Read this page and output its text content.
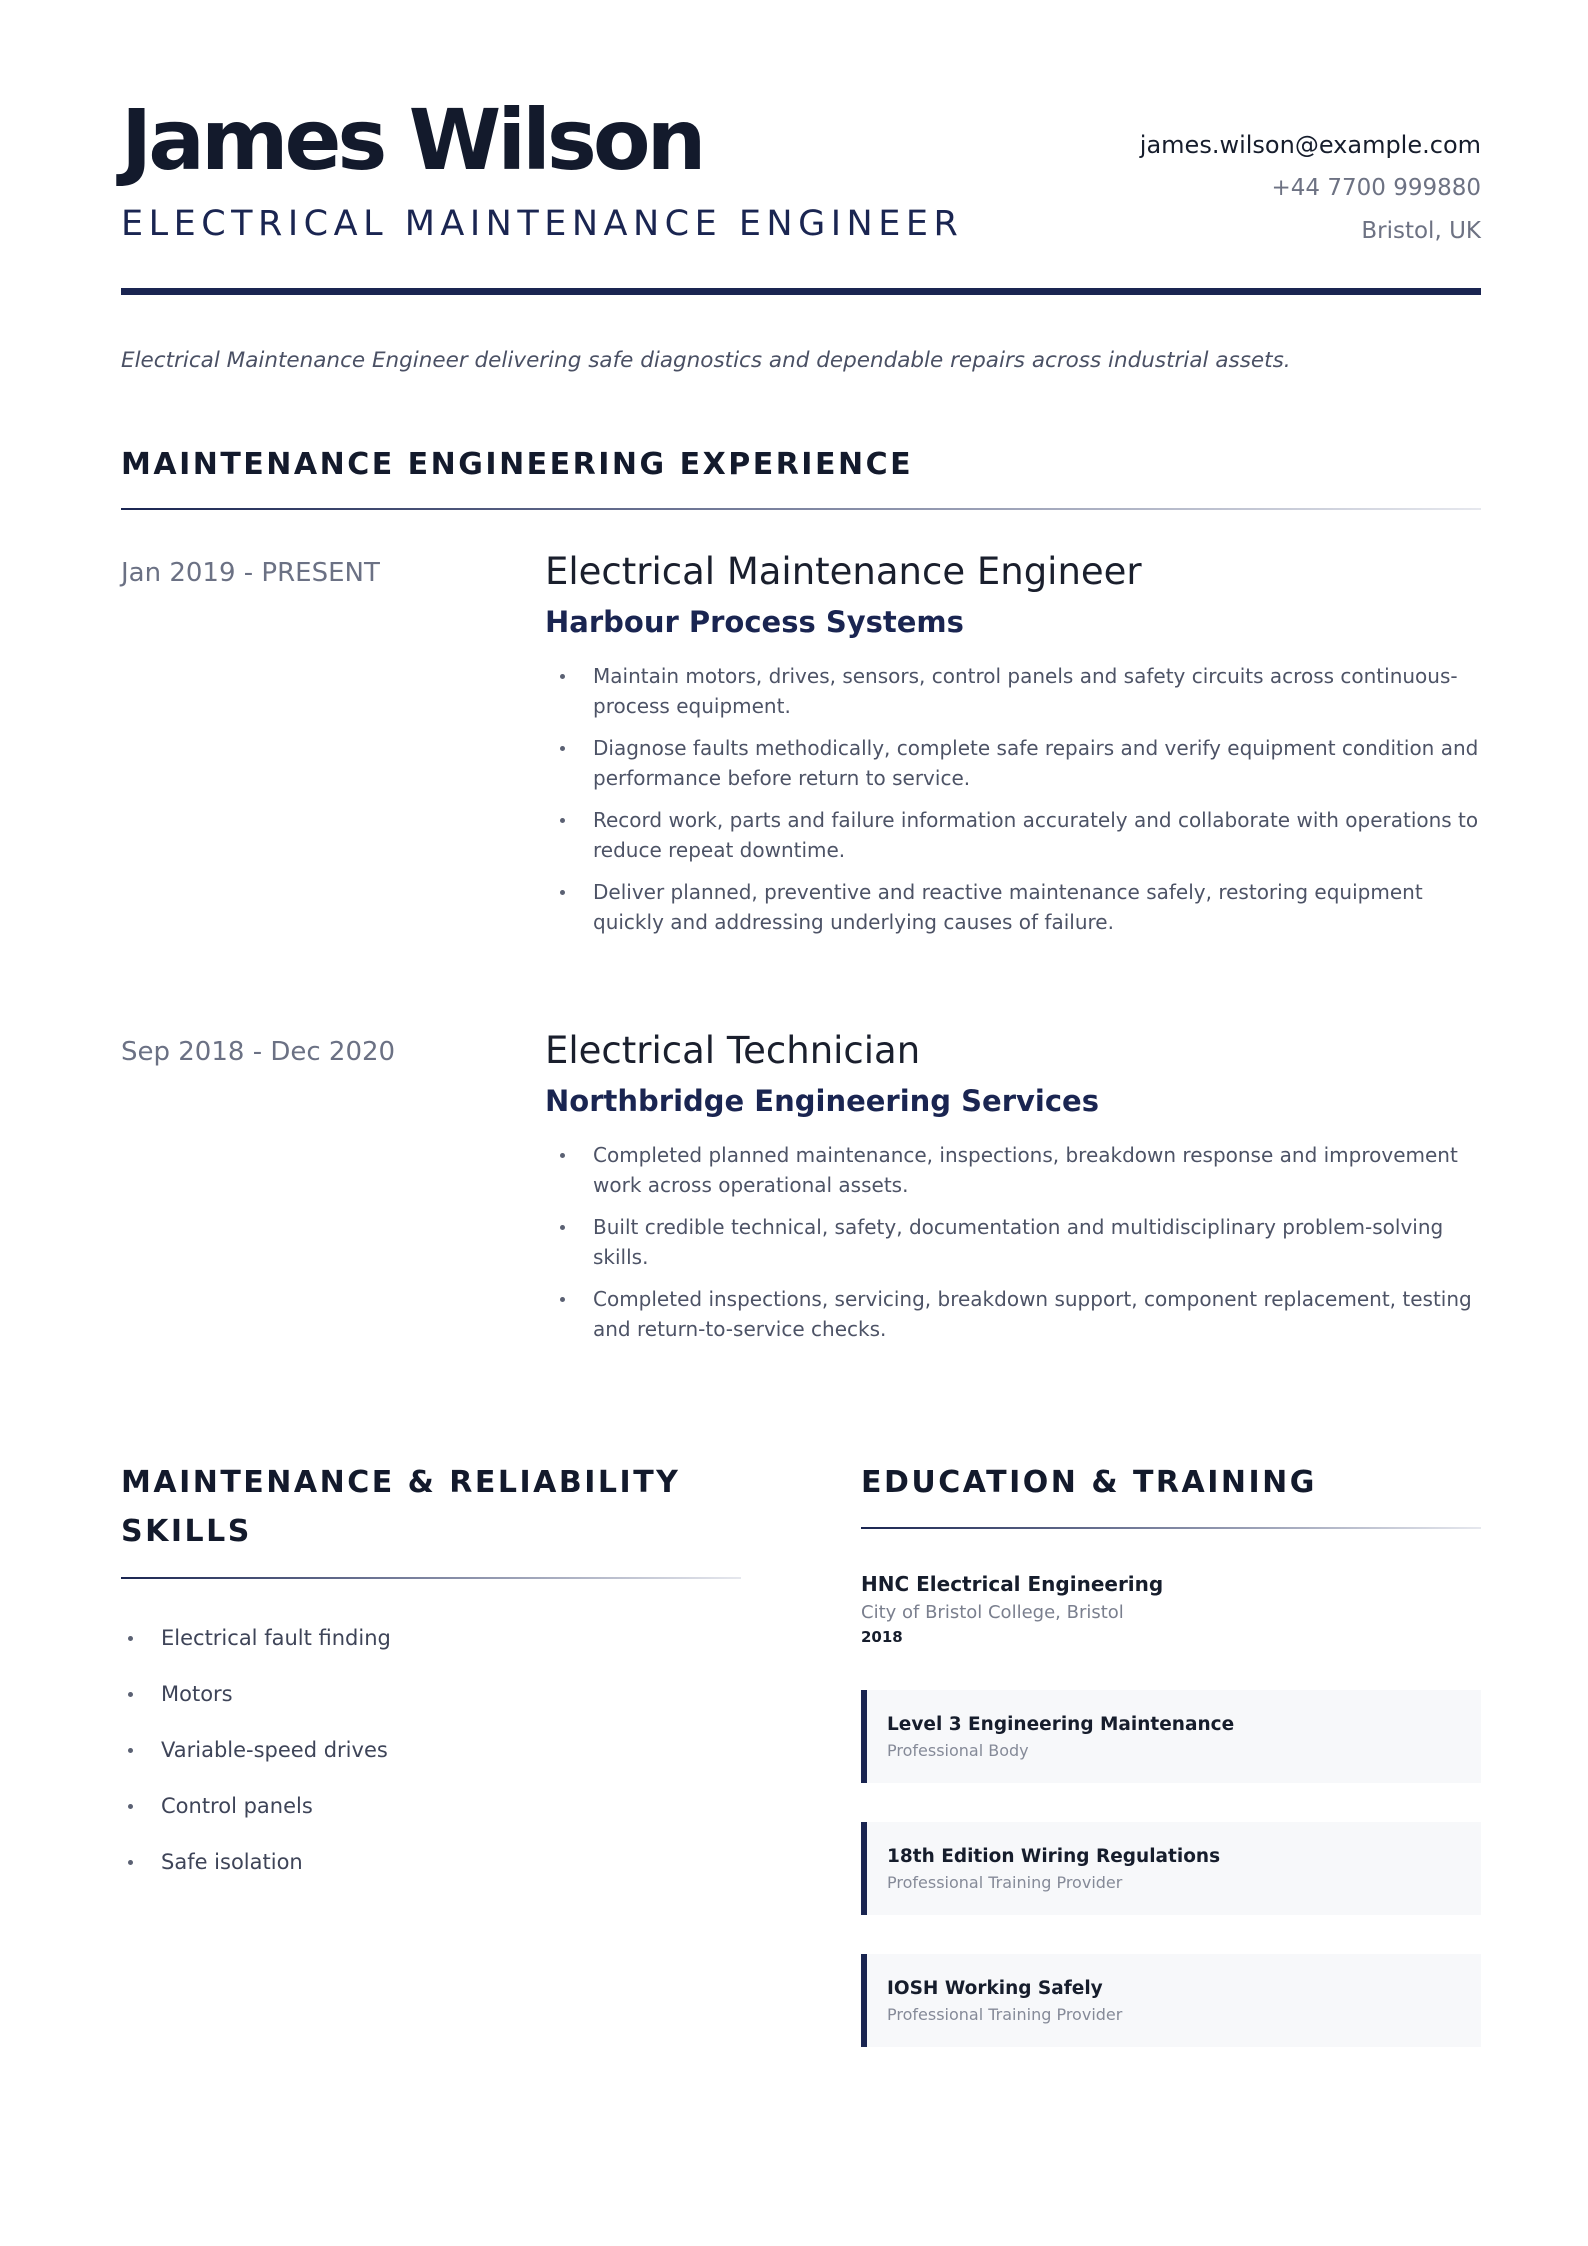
James Wilson
ELECTRICAL MAINTENANCE ENGINEER
james.wilson@example.com
+44 7700 999880
Bristol, UK
Electrical Maintenance Engineer delivering safe diagnostics and dependable repairs across industrial assets.
MAINTENANCE ENGINEERING EXPERIENCE
Jan 2019 - PRESENT	Electrical Maintenance Engineer
Harbour Process Systems
Maintain motors, drives, sensors, control panels and safety circuits across continuous-process equipment.
Diagnose faults methodically, complete safe repairs and verify equipment condition and performance before return to service.
Record work, parts and failure information accurately and collaborate with operations to reduce repeat downtime.
Deliver planned, preventive and reactive maintenance safely, restoring equipment quickly and addressing underlying causes of failure.
Sep 2018 - Dec 2020	Electrical Technician
Northbridge Engineering Services
Completed planned maintenance, inspections, breakdown response and improvement work across operational assets.
Built credible technical, safety, documentation and multidisciplinary problem-solving skills.
Completed inspections, servicing, breakdown support, component replacement, testing and return-to-service checks.
MAINTENANCE & RELIABILITY
SKILLS
Electrical fault finding
Motors
Variable-speed drives
Control panels
Safe isolation
EDUCATION & TRAINING
HNC Electrical Engineering
City of Bristol College, Bristol
2018
Level 3 Engineering Maintenance
Professional Body
18th Edition Wiring Regulations
Professional Training Provider
IOSH Working Safely
Professional Training Provider
